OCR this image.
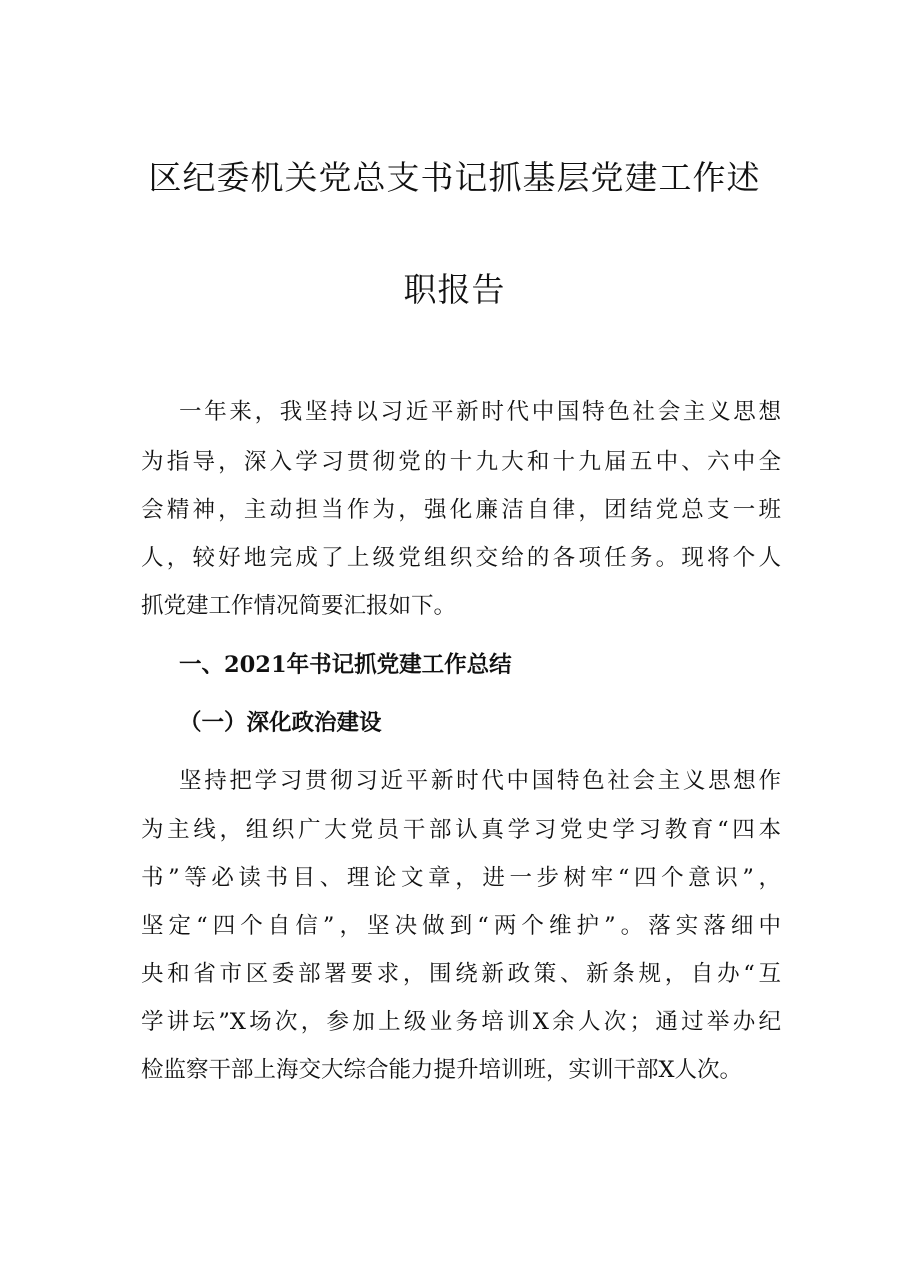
区纪委机关党总支书记抓基层党建工作述
职报告
一年来，我坚持以习近平新时代中国特色社会主义思想
为指导，深入学习贯彻党的十九大和十九届五中、六中全
会精神，主动担当作为，强化廉洁自律，团结党总支一班
人，较好地完成了上级党组织交给的各项任务。现将个人
抓党建工作情况简要汇报如下。
一、2021年书记抓党建工作总结
（一）深化政治建设
坚持把学习贯彻习近平新时代中国特色社会主义思想作
为主线，组织广大党员干部认真学习党史学习教育“四本
书”等必读书目、理论文章，进一步树牢“四个意识”，
坚定“四个自信”，坚决做到“两个维护”。落实落细中
央和省市区委部署要求，围绕新政策、新条规，自办“互
学讲坛”X场次，参加上级业务培训X余人次；通过举办纪
检监察干部上海交大综合能力提升培训班，实训干部X人次。
